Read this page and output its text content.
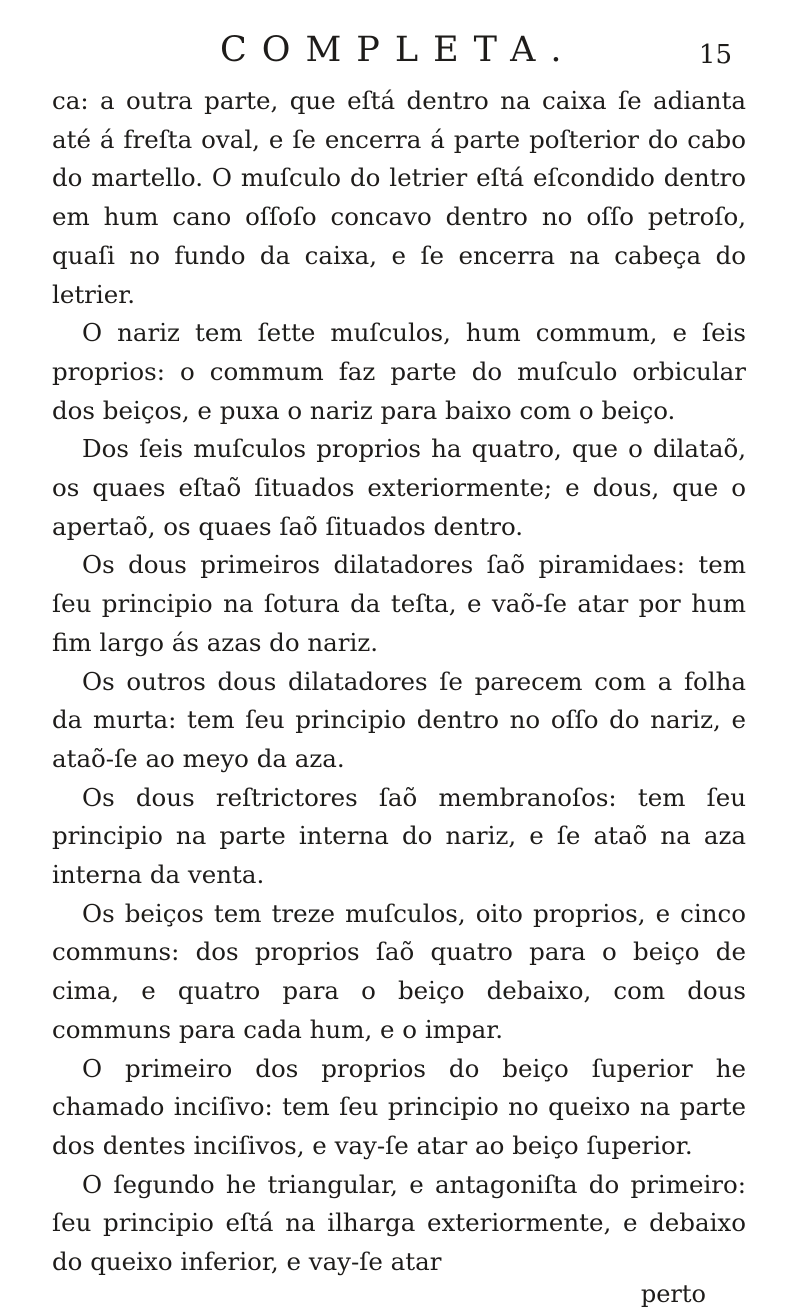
COMPLETA.	15

ca: a outra parte, que eſtá dentro na caixa ſe adianta até á freſta oval, e ſe encerra á parte poſterior do cabo do martello. O muſculo do letrier eſtá eſcondido dentro em hum cano oſſoſo concavo dentro no oſſo petroſo, quaſi no fundo da caixa, e ſe encerra na cabeça do letrier.

O nariz tem ſette muſculos, hum commum, e ſeis proprios: o commum faz parte do muſculo orbicular dos beiços, e puxa o nariz para baixo com o beiço.

Dos ſeis muſculos proprios ha quatro, que o dilataõ, os quaes eſtaõ ſituados exteriormente; e dous, que o apertaõ, os quaes ſaõ ſituados dentro.

Os dous primeiros dilatadores ſaõ piramidaes: tem ſeu principio na ſotura da teſta, e vaõ-ſe atar por hum fim largo ás azas do nariz.

Os outros dous dilatadores ſe parecem com a folha da murta: tem ſeu principio dentro no oſſo do nariz, e ataõ-ſe ao meyo da aza.

Os dous reſtrictores ſaõ membranoſos: tem ſeu principio na parte interna do nariz, e ſe ataõ na aza interna da venta.

Os beiços tem treze muſculos, oito proprios, e cinco communs: dos proprios ſaõ quatro para o beiço de cima, e quatro para o beiço debaixo, com dous communs para cada hum, e o impar.

O primeiro dos proprios do beiço ſuperior he chamado inciſivo: tem ſeu principio no queixo na parte dos dentes inciſivos, e vay-ſe atar ao beiço ſuperior.

O ſegundo he triangular, e antagoniſta do primeiro: ſeu principio eſtá na ilharga exteriormente, e debaixo do queixo inferior, e vay-ſe atar

perto
